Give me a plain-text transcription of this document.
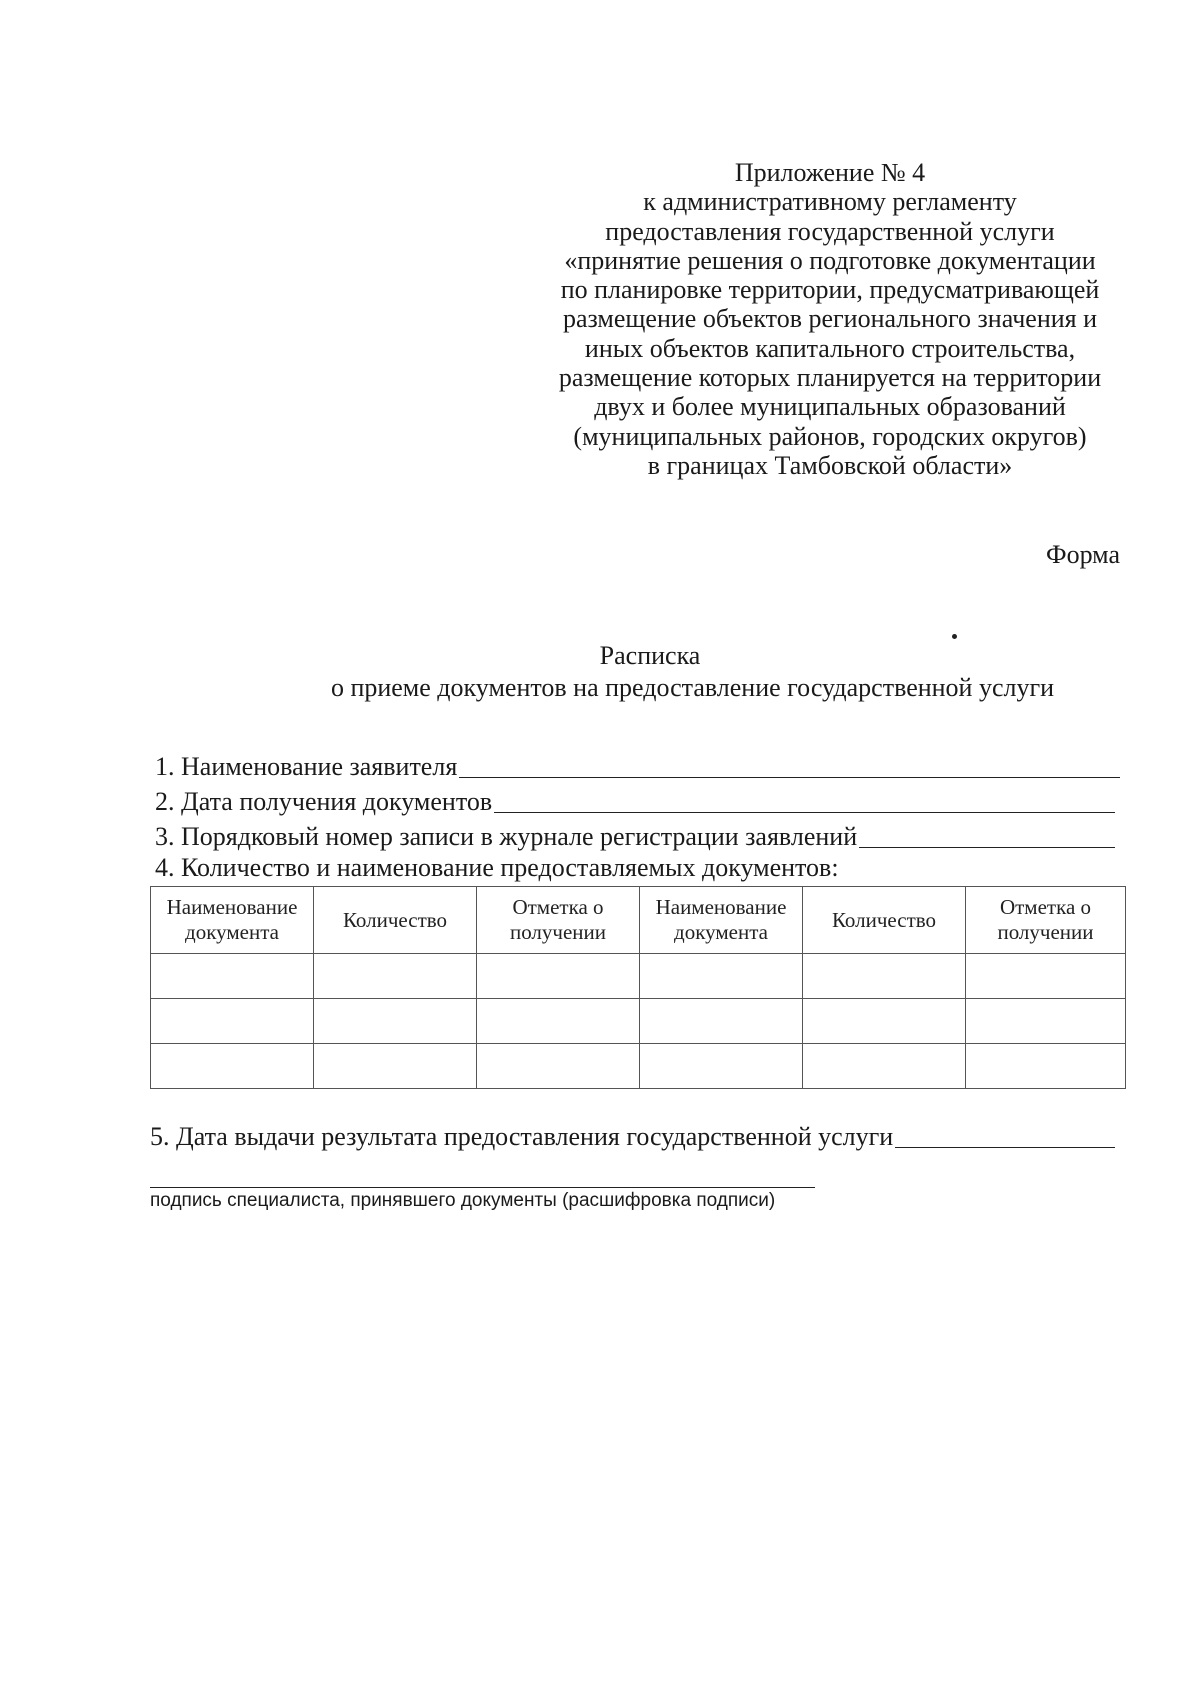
Приложение № 4
к административному регламенту
предоставления государственной услуги
«принятие решения о подготовке документации
по планировке территории, предусматривающей
размещение объектов регионального значения и
иных объектов капитального строительства,
размещение которых планируется на территории
двух и более муниципальных образований
(муниципальных районов, городских округов)
в границах Тамбовской области»
Форма
Расписка
о приеме документов на предоставление государственной услуги
1. Наименование заявителя
2. Дата получения документов
3. Порядковый номер записи в журнале регистрации заявлений
4. Количество и наименование предоставляемых документов:
Наименование документа	Количество	Отметка о получении	Наименование документа	Количество	Отметка о получении

5. Дата выдачи результата предоставления государственной услуги
подпись специалиста, принявшего документы (расшифровка подписи)
